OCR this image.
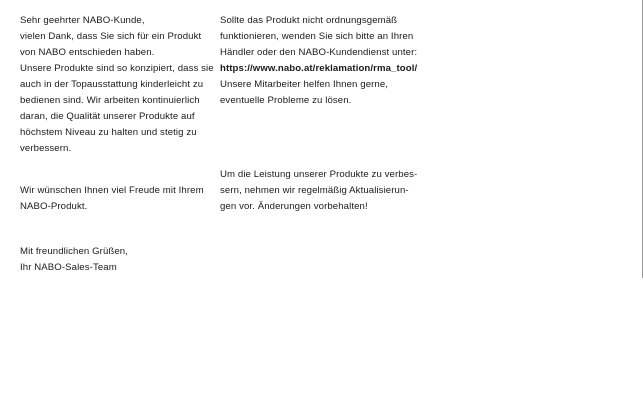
Sehr geehrter NABO-Kunde,
vielen Dank, dass Sie sich für ein Produkt
von NABO entschieden haben.
Unsere Produkte sind so konzipiert, dass sie
auch in der Topausstattung kinderleicht zu
bedienen sind. Wir arbeiten kontinuierlich
daran, die Qualität unserer Produkte auf
höchstem Niveau zu halten und stetig zu
verbessern.

Wir wünschen Ihnen viel Freude mit Ihrem
NABO-Produkt.

Mit freundlichen Grüßen,
Ihr NABO-Sales-Team

Sollte das Produkt nicht ordnungsgemäß
funktionieren, wenden Sie sich bitte an Ihren
Händler oder den NABO-Kundendienst unter:
https://www.nabo.at/reklamation/rma_tool/
Unsere Mitarbeiter helfen Ihnen gerne,
eventuelle Probleme zu lösen.

Um die Leistung unserer Produkte zu verbes-
sern, nehmen wir regelmäßig Aktualisierun-
gen vor. Änderungen vorbehalten!
